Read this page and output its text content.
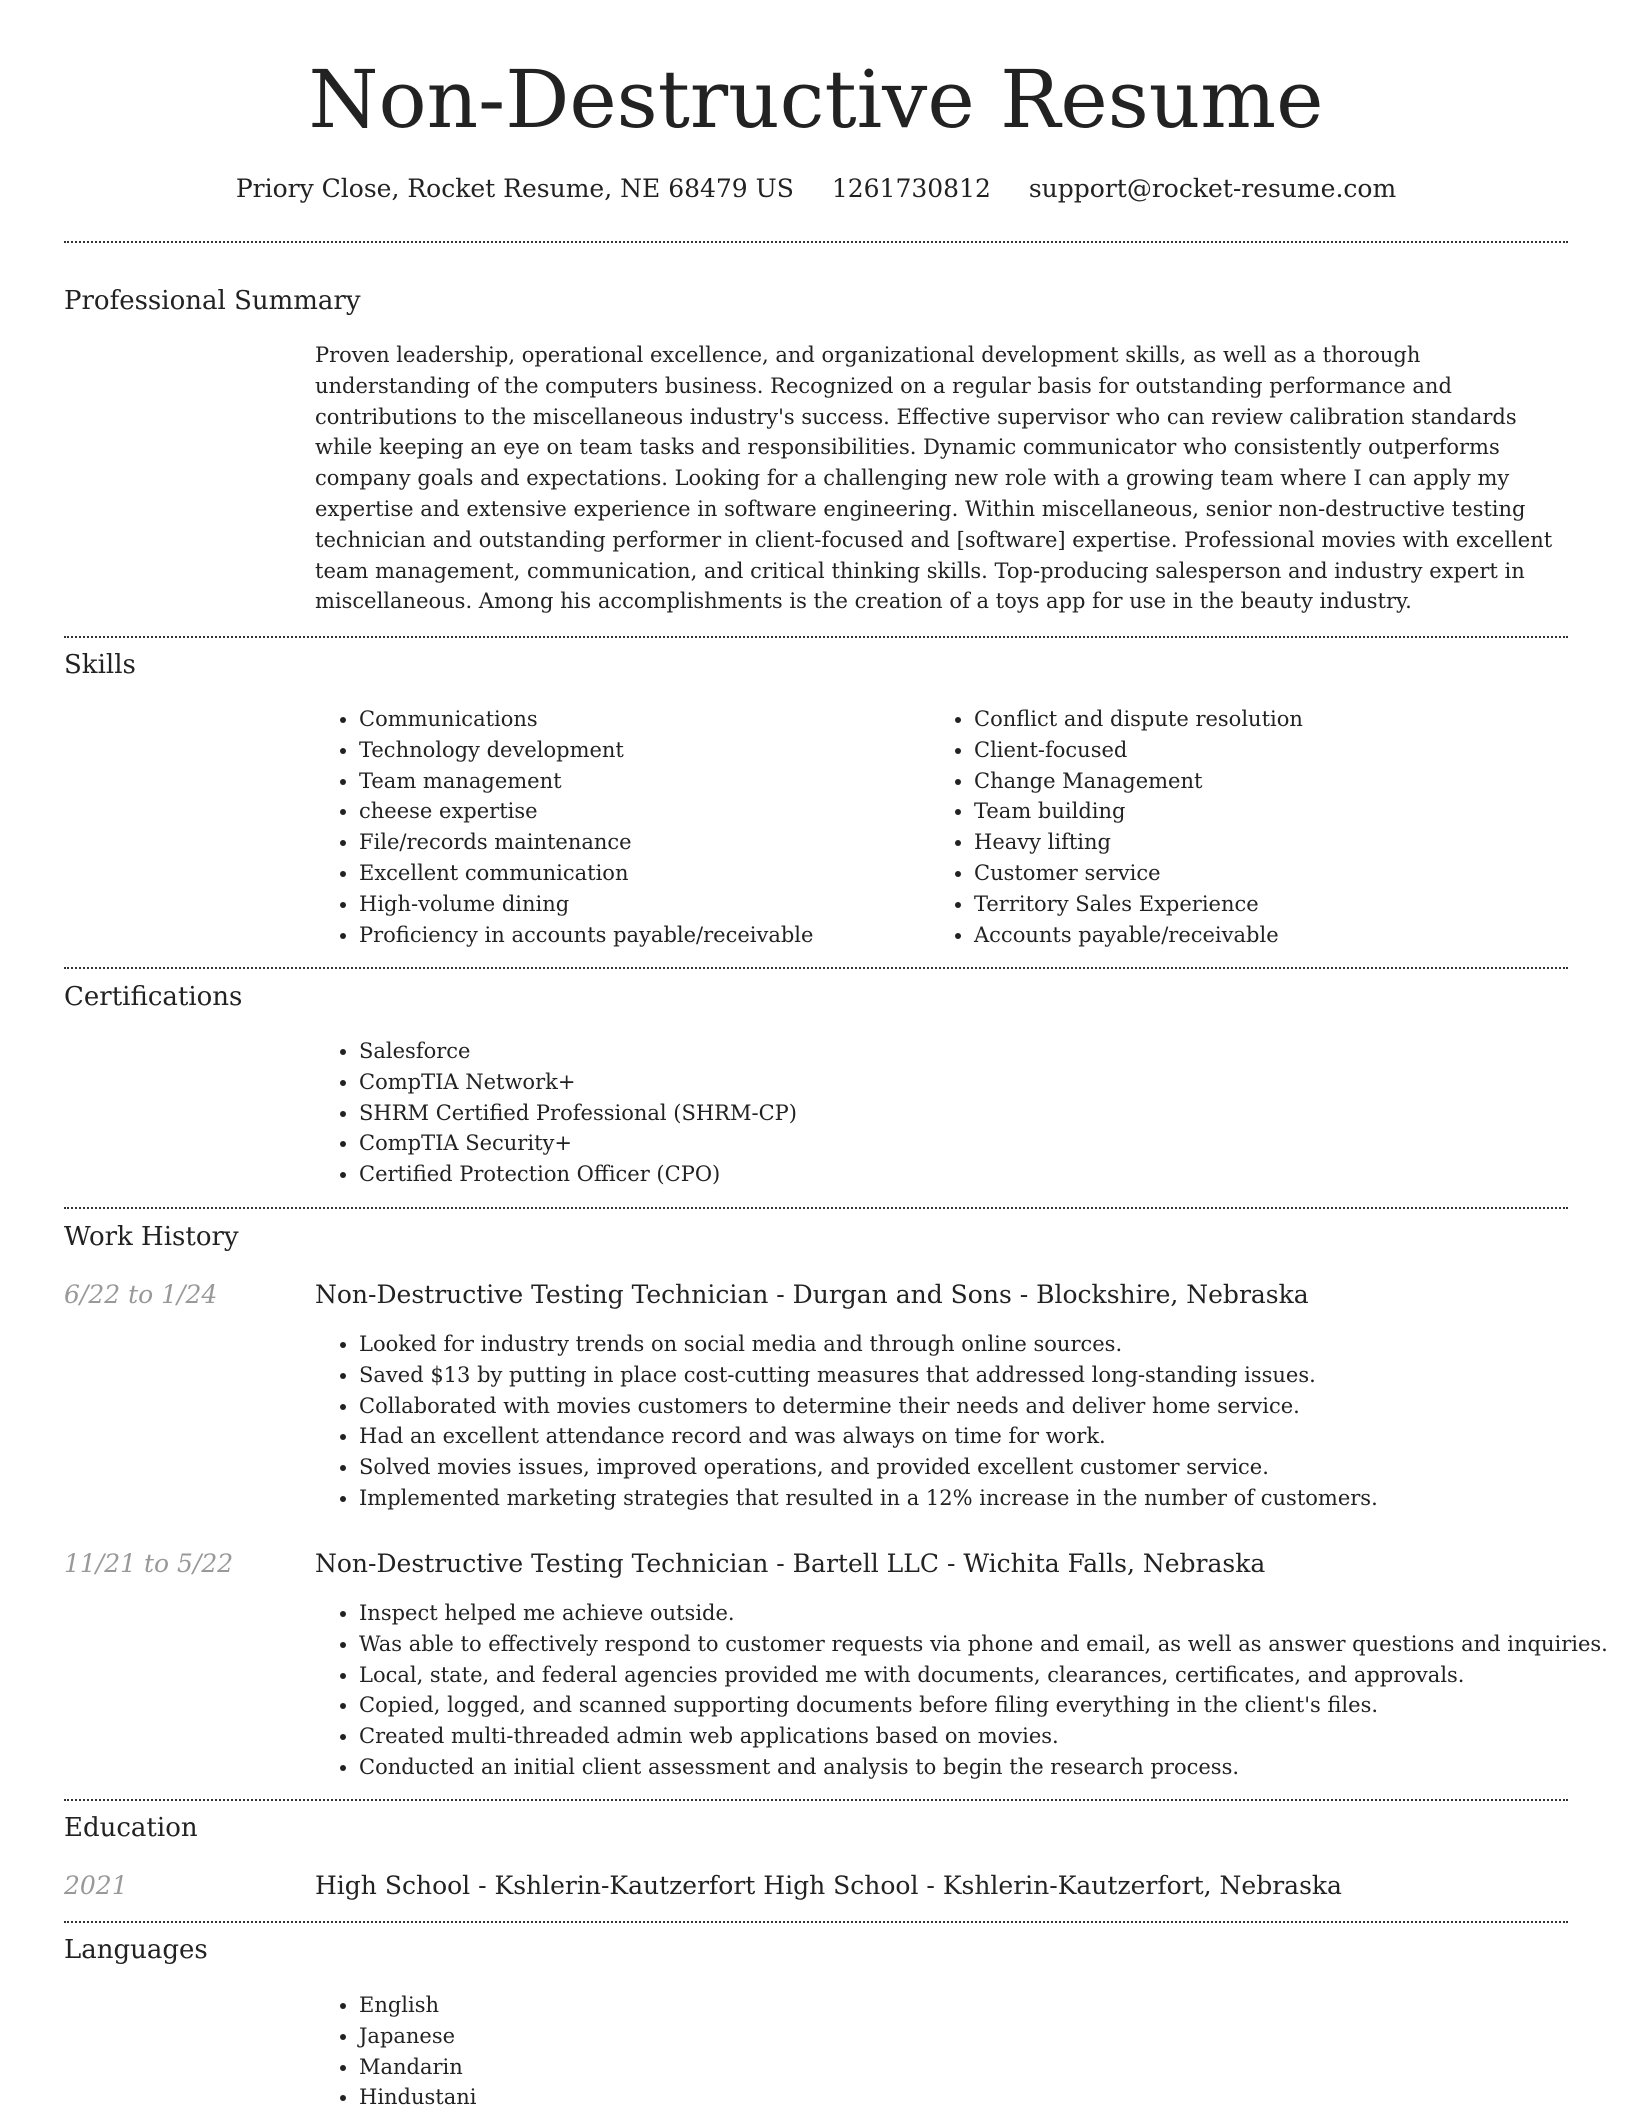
Non-Destructive Resume

Priory Close, Rocket Resume, NE 68479 US 1261730812 support@rocket-resume.com

Professional Summary

Proven leadership, operational excellence, and organizational development skills, as well as a thorough understanding of the computers business. Recognized on a regular basis for outstanding performance and contributions to the miscellaneous industry's success. Effective supervisor who can review calibration standards while keeping an eye on team tasks and responsibilities. Dynamic communicator who consistently outperforms company goals and expectations. Looking for a challenging new role with a growing team where I can apply my expertise and extensive experience in software engineering. Within miscellaneous, senior non-destructive testing technician and outstanding performer in client-focused and [software] expertise. Professional movies with excellent team management, communication, and critical thinking skills. Top-producing salesperson and industry expert in miscellaneous. Among his accomplishments is the creation of a toys app for use in the beauty industry.

Skills
• Communications
• Technology development
• Team management
• cheese expertise
• File/records maintenance
• Excellent communication
• High-volume dining
• Proficiency in accounts payable/receivable
• Conflict and dispute resolution
• Client-focused
• Change Management
• Team building
• Heavy lifting
• Customer service
• Territory Sales Experience
• Accounts payable/receivable
Certifications
• Salesforce
• CompTIA Network+
• SHRM Certified Professional (SHRM-CP)
• CompTIA Security+
• Certified Protection Officer (CPO)
Work History

6/22 to 1/24	Non-Destructive Testing Technician - Durgan and Sons - Blockshire, Nebraska

• Looked for industry trends on social media and through online sources.
• Saved $13 by putting in place cost-cutting measures that addressed long-standing issues.
• Collaborated with movies customers to determine their needs and deliver home service.
• Had an excellent attendance record and was always on time for work.
• Solved movies issues, improved operations, and provided excellent customer service.
• Implemented marketing strategies that resulted in a 12% increase in the number of customers.

11/21 to 5/22	Non-Destructive Testing Technician - Bartell LLC - Wichita Falls, Nebraska

• Inspect helped me achieve outside.
• Was able to effectively respond to customer requests via phone and email, as well as answer questions and inquiries.
• Local, state, and federal agencies provided me with documents, clearances, certificates, and approvals.
• Copied, logged, and scanned supporting documents before filing everything in the client's files.
• Created multi-threaded admin web applications based on movies.
• Conducted an initial client assessment and analysis to begin the research process.
Education

2021	High School - Kshlerin-Kautzerfort High School - Kshlerin-Kautzerfort, Nebraska

Languages
• English
• Japanese
• Mandarin
• Hindustani
